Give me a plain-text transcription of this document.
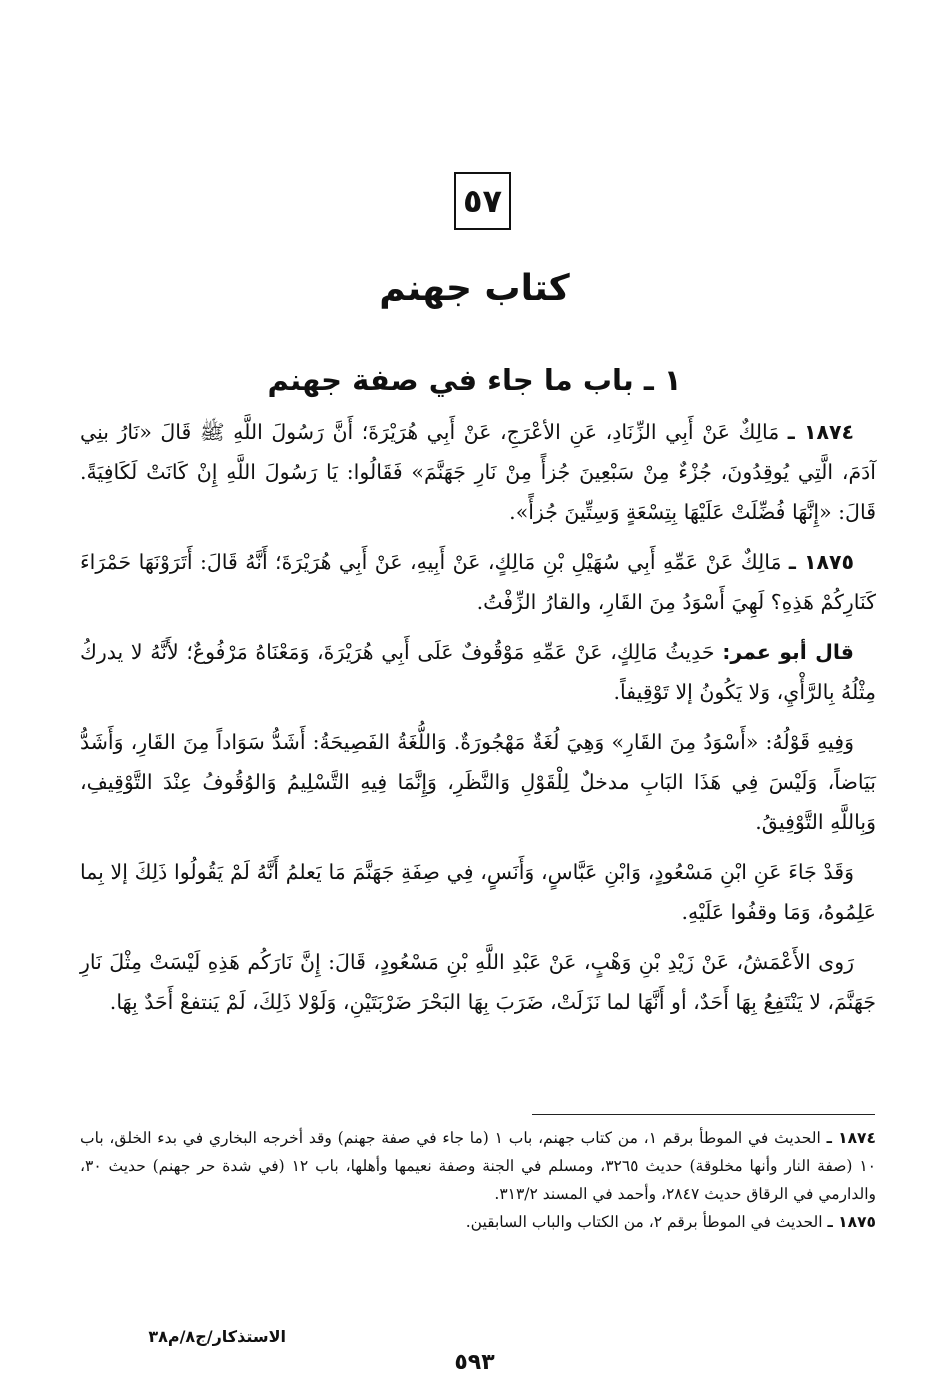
٥٧
كتاب جهنم
١ ـ باب ما جاء في صفة جهنم

١٨٧٤ ـ مَالِكٌ عَنْ أَبِي الزِّنَادِ، عَنِ الأعْرَجِ، عَنْ أَبِي هُرَيْرَةَ؛ أَنَّ رَسُولَ اللَّهِ ﷺ قَالَ «نَارُ بنِي آدَمَ، الَّتِي يُوقِدُونَ، جُزْءٌ مِنْ سَبْعِينَ جُزأً مِنْ نَارِ جَهَنَّمَ» فَقَالُوا: يَا رَسُولَ اللَّهِ إِنْ كَانَتْ لَكَافِيَةً. قَالَ: «إِنَّهَا فُضِّلَتْ عَلَيْهَا بِتِسْعَةٍ وَسِتِّينَ جُزأً».

١٨٧٥ ـ مَالِكٌ عَنْ عَمِّهِ أَبِي سُهَيْلِ بْنِ مَالِكٍ، عَنْ أَبِيهِ، عَنْ أَبِي هُرَيْرَةَ؛ أَنَّهُ قَالَ: أَتَرَوْنَهَا حَمْرَاءَ كَنَارِكُمْ هَذِهِ؟ لَهِيَ أَسْوَدُ مِنَ القَارِ، والقارُ الزِّفْتُ.

قال أبو عمر: حَدِيثُ مَالِكٍ، عَنْ عَمِّهِ مَوْقُوفٌ عَلَى أَبِي هُرَيْرَةَ، وَمَعْنَاهُ مَرْفُوعٌ؛ لأَنَّهُ لا يدركُ مِثْلُهُ بِالرَّأْيِ، وَلا يَكُونُ إلا تَوْقِيفاً.

وَفِيهِ قَوْلُهُ: «أَسْوَدُ مِنَ القَارِ» وَهِيَ لُغَةٌ مَهْجُورَةٌ. وَاللُّغَةُ الفَصِيحَةُ: أَشَدُّ سَوَاداً مِنَ القَارِ، وَأَشَدُّ بَيَاضاً، وَلَيْسَ فِي هَذَا البَابِ مدخلٌ لِلْقَوْلِ وَالنَّظَرِ، وَإِنَّمَا فِيهِ التَّسْلِيمُ وَالوُقُوفُ عِنْدَ التَّوْقِيفِ، وَبِاللَّهِ التَّوْفِيقُ.

وَقَدْ جَاءَ عَنِ ابْنِ مَسْعُودٍ، وَابْنِ عَبَّاسٍ، وَأَنَسٍ، فِي صِفَةِ جَهَنَّمَ مَا يَعلمُ أَنَّهُ لَمْ يَقُولُوا ذَلِكَ إلا بِما عَلِمُوهُ، وَمَا وقفُوا عَلَيْهِ.

رَوى الأَعْمَشُ، عَنْ زَيْدِ بْنِ وَهْبٍ، عَنْ عَبْدِ اللَّهِ بْنِ مَسْعُودٍ، قَالَ: إِنَّ نَارَكُم هَذِهِ لَيْسَتْ مِثْلَ نَارِ جَهَنَّمَ، لا يَنْتَفِعُ بِهَا أَحَدٌ، أو أَنَّهَا لما نَزَلَتْ، ضَرَبَ بِهَا البَحْرَ ضَرْبَتَيْنِ، وَلَوْلا ذَلِكَ، لَمْ يَنتفعْ أَحَدٌ بِهَا.

١٨٧٤ ـ الحديث في الموطأ برقم ١، من كتاب جهنم، باب ١ (ما جاء في صفة جهنم) وقد أخرجه البخاري في بدء الخلق، باب ١٠ (صفة النار وأنها مخلوقة) حديث ٣٢٦٥، ومسلم في الجنة وصفة نعيمها وأهلها، باب ١٢ (في شدة حر جهنم) حديث ٣٠، والدارمي في الرقاق حديث ٢٨٤٧، وأحمد في المسند ٣١٣/٢.

١٨٧٥ ـ الحديث في الموطأ برقم ٢، من الكتاب والباب السابقين.

الاستذكار/ج٨/م٣٨
٥٩٣
